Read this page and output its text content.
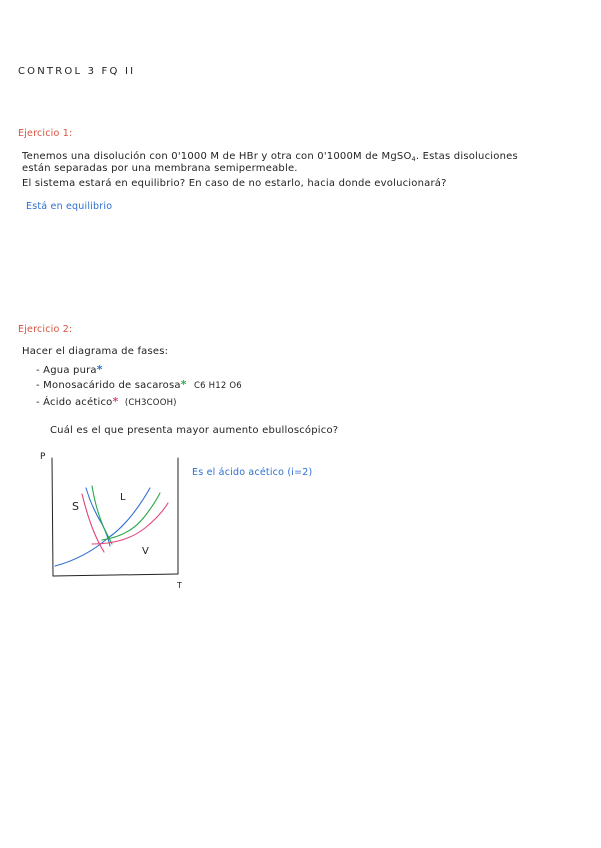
CONTROL 3 FQ II
Ejercicio 1:
Tenemos una disolución con 0'1000 M de HBr y otra con 0'1000M de MgSO$_4$. Estas disoluciones
están separadas por una membrana semipermeable.
El sistema estará en equilibrio? En caso de no estarlo, hacia donde evolucionará?
Está en equilibrio
Ejercicio 2:
Hacer el diagrama de fases:
- Agua pura*
- Monosacárido de sacarosa* C6 H12 O6
- Ácido acético* (CH3COOH)
Cuál es el que presenta mayor aumento ebulloscópico?
Es el ácido acético (i=2)
P
T
S
L
V
